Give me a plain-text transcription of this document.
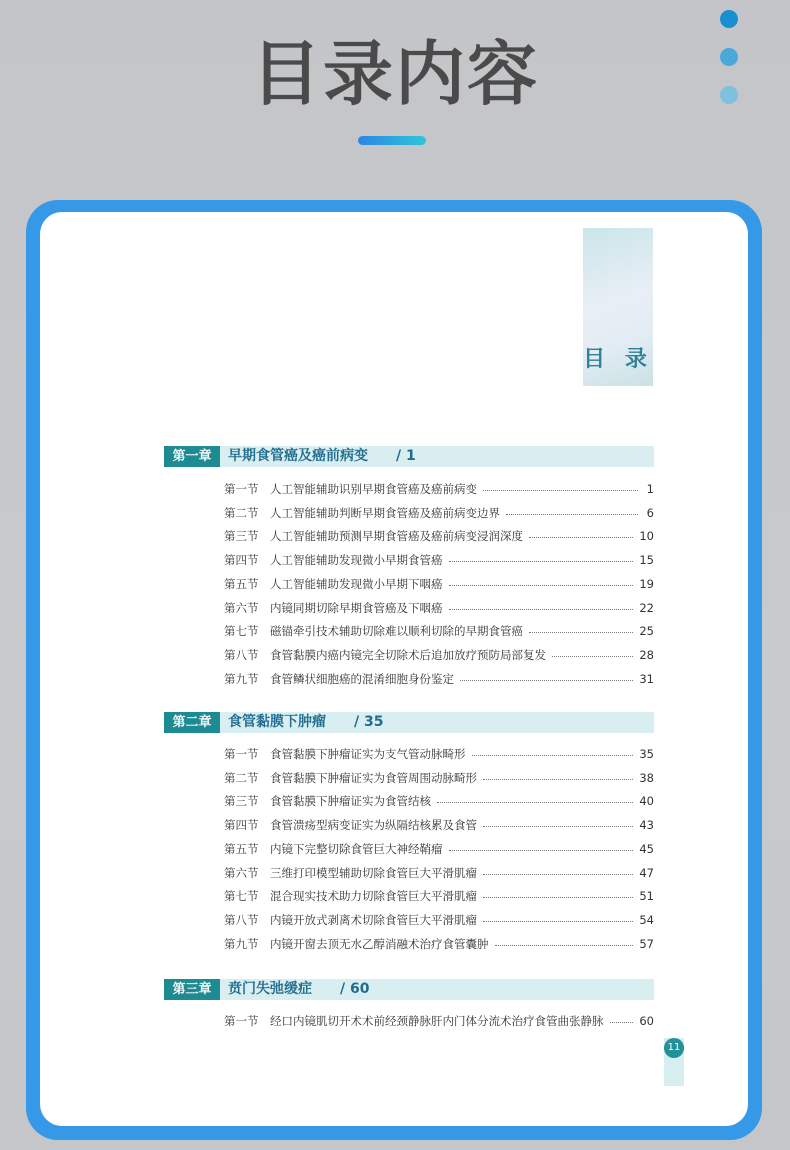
目录内容
目 录
第一章	早期食管癌及癌前病变 / 1
第一节	人工智能辅助识别早期食管癌及癌前病变	1
第二节	人工智能辅助判断早期食管癌及癌前病变边界	6
第三节	人工智能辅助预测早期食管癌及癌前病变浸润深度	10
第四节	人工智能辅助发现微小早期食管癌	15
第五节	人工智能辅助发现微小早期下咽癌	19
第六节	内镜同期切除早期食管癌及下咽癌	22
第七节	磁锚牵引技术辅助切除难以顺利切除的早期食管癌	25
第八节	食管黏膜内癌内镜完全切除术后追加放疗预防局部复发	28
第九节	食管鳞状细胞癌的混淆细胞身份鉴定	31
第二章	食管黏膜下肿瘤 / 35
第一节	食管黏膜下肿瘤证实为支气管动脉畸形	35
第二节	食管黏膜下肿瘤证实为食管周围动脉畸形	38
第三节	食管黏膜下肿瘤证实为食管结核	40
第四节	食管溃疡型病变证实为纵隔结核累及食管	43
第五节	内镜下完整切除食管巨大神经鞘瘤	45
第六节	三维打印模型辅助切除食管巨大平滑肌瘤	47
第七节	混合现实技术助力切除食管巨大平滑肌瘤	51
第八节	内镜开放式剥离术切除食管巨大平滑肌瘤	54
第九节	内镜开窗去顶无水乙醇消融术治疗食管囊肿	57
第三章	贲门失弛缓症 / 60
第一节	经口内镜肌切开术术前经颈静脉肝内门体分流术治疗食管曲张静脉	60
11
